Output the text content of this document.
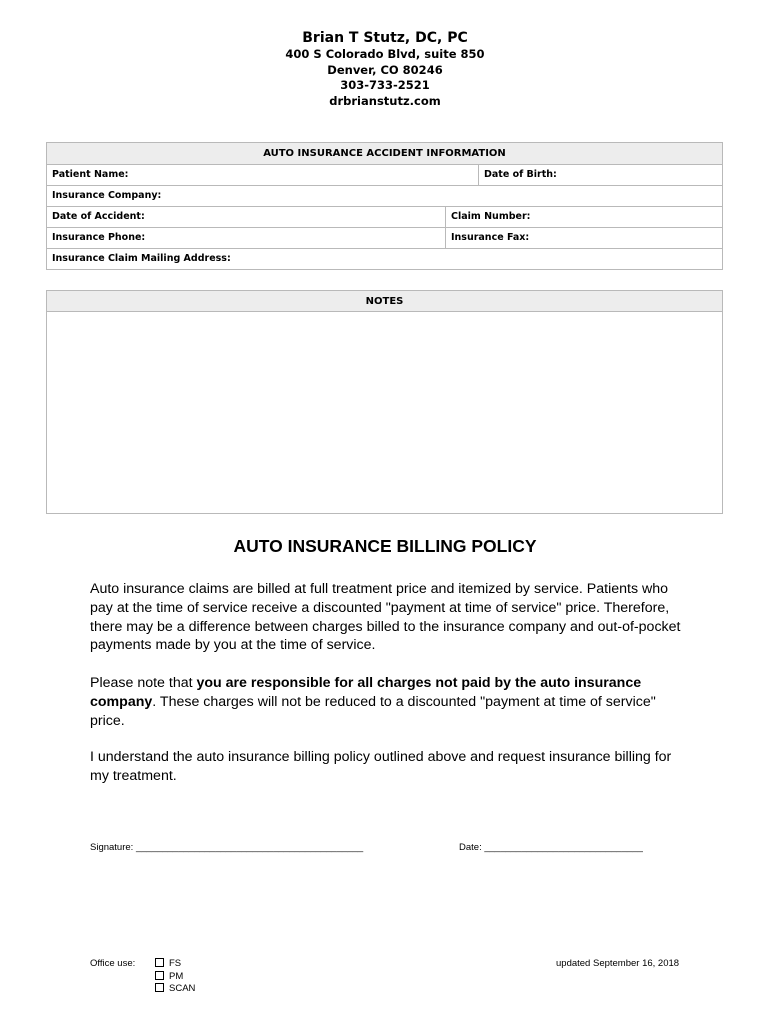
Brian T Stutz, DC, PC
400 S Colorado Blvd, suite 850
Denver, CO 80246
303-733-2521
drbrianstutz.com
AUTO INSURANCE ACCIDENT INFORMATION
Patient Name:	Date of Birth:
Insurance Company:
Date of Accident:	Claim Number:
Insurance Phone:	Insurance Fax:
Insurance Claim Mailing Address:
NOTES
AUTO INSURANCE BILLING POLICY
Auto insurance claims are billed at full treatment price and itemized by service. Patients who pay at the time of service receive a discounted "payment at time of service" price. Therefore, there may be a difference between charges billed to the insurance company and out-of-pocket payments made by you at the time of service.
Please note that you are responsible for all charges not paid by the auto insurance company. These charges will not be reduced to a discounted "payment at time of service" price.
I understand the auto insurance billing policy outlined above and request insurance billing for my treatment.
Signature: ___________________________________________	Date: ______________________________
Office use:	FS
PM
SCAN
updated September 16, 2018
